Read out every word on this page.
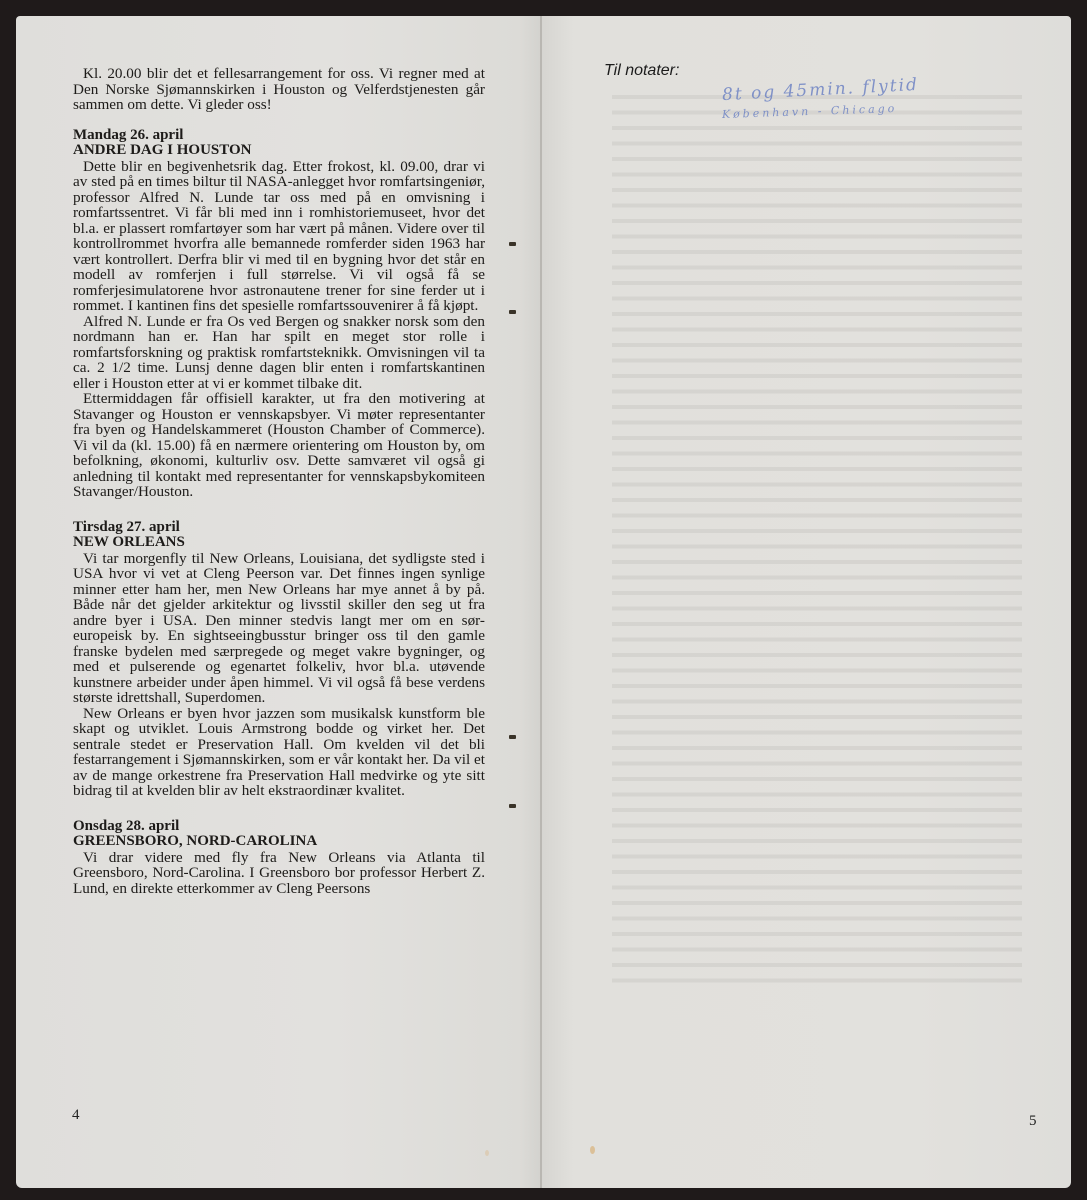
Kl. 20.00 blir det et fellesarrangement for oss. Vi regner med at Den Norske Sjømannskirken i Houston og Velferdstjenesten går sammen om dette. Vi gleder oss!

Mandag 26. april
ANDRE DAG I HOUSTON

Dette blir en begivenhetsrik dag. Etter frokost, kl. 09.00, drar vi av sted på en times biltur til NASA-anlegget hvor romfartsingeniør, professor Alfred N. Lunde tar oss med på en omvisning i romfartssentret. Vi får bli med inn i romhistoriemuseet, hvor det bl.a. er plassert romfartøyer som har vært på månen. Videre over til kontrollrommet hvorfra alle bemannede romferder siden 1963 har vært kontrollert. Derfra blir vi med til en bygning hvor det står en modell av romferjen i full størrelse. Vi vil også få se romferjesimulatorene hvor astronautene trener for sine ferder ut i rommet. I kantinen fins det spesielle romfartssouvenirer å få kjøpt.

Alfred N. Lunde er fra Os ved Bergen og snakker norsk som den nordmann han er. Han har spilt en meget stor rolle i romfartsforskning og praktisk romfartsteknikk. Omvisningen vil ta ca. 2 1/2 time. Lunsj denne dagen blir enten i romfartskantinen eller i Houston etter at vi er kommet tilbake dit.

Ettermiddagen får offisiell karakter, ut fra den motivering at Stavanger og Houston er vennskapsbyer. Vi møter representanter fra byen og Handelskammeret (Houston Chamber of Commerce). Vi vil da (kl. 15.00) få en nærmere orientering om Houston by, om befolkning, økonomi, kulturliv osv. Dette samværet vil også gi anledning til kontakt med representanter for vennskapsbykomiteen Stavanger/Houston.

Tirsdag 27. april
NEW ORLEANS

Vi tar morgenfly til New Orleans, Louisiana, det sydligste sted i USA hvor vi vet at Cleng Peerson var. Det finnes ingen synlige minner etter ham her, men New Orleans har mye annet å by på. Både når det gjelder arkitektur og livsstil skiller den seg ut fra andre byer i USA. Den minner stedvis langt mer om en sør-europeisk by. En sightseeingbusstur bringer oss til den gamle franske bydelen med særpregede og meget vakre bygninger, og med et pulserende og egenartet folkeliv, hvor bl.a. utøvende kunstnere arbeider under åpen himmel. Vi vil også få bese verdens største idrettshall, Superdomen.

New Orleans er byen hvor jazzen som musikalsk kunstform ble skapt og utviklet. Louis Armstrong bodde og virket her. Det sentrale stedet er Preservation Hall. Om kvelden vil det bli festarrangement i Sjømannskirken, som er vår kontakt her. Da vil et av de mange orkestrene fra Preservation Hall medvirke og yte sitt bidrag til at kvelden blir av helt ekstraordinær kvalitet.

Onsdag 28. april
GREENSBORO, NORD-CAROLINA

Vi drar videre med fly fra New Orleans via Atlanta til Greensboro, Nord-Carolina. I Greensboro bor professor Herbert Z. Lund, en direkte etterkommer av Cleng Peersons

4	5
Til notater:
8t og 45min. flytid
København - Chicago
